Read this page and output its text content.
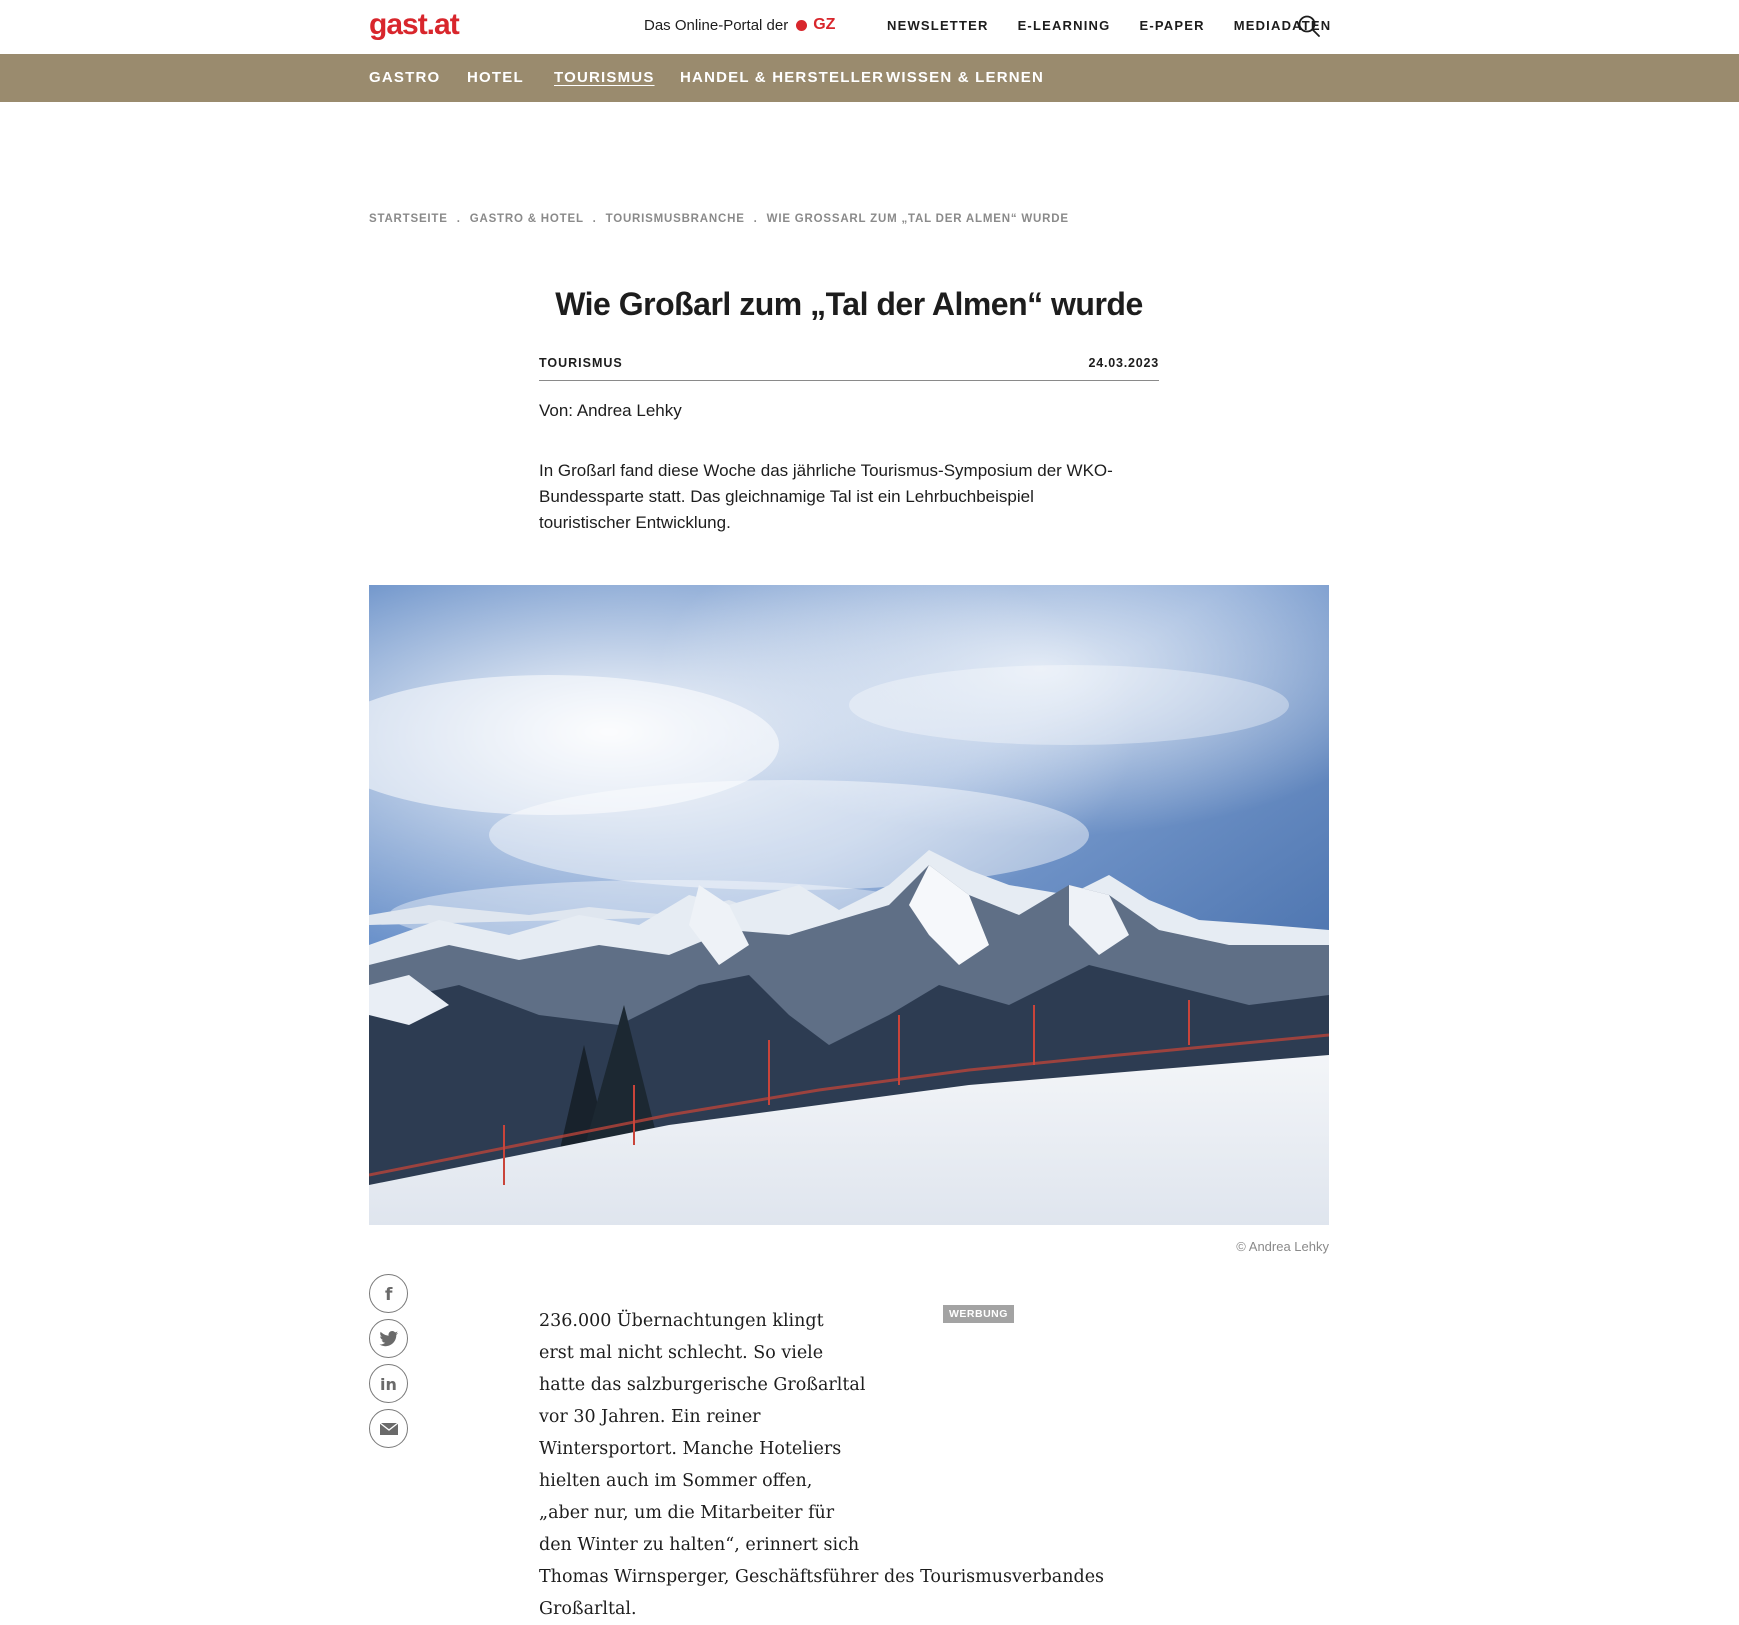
gast.at	Das Online-Portal der GZ	NEWSLETTER E-LEARNING E-PAPER MEDIADATEN
GASTRO HOTEL TOURISMUS HANDEL & HERSTELLER WISSEN & LERNEN
STARTSEITE . GASTRO & HOTEL . TOURISMUSBRANCHE . WIE GROSSARL ZUM „TAL DER ALMEN“ WURDE
Wie Großarl zum „Tal der Almen“ wurde
TOURISMUS	24.03.2023
Von: Andrea Lehky

In Großarl fand diese Woche das jährliche Tourismus-Symposium der WKO-Bundessparte statt. Das gleichnamige Tal ist ein Lehrbuchbeispiel touristischer Entwicklung.

© Andrea Lehky
f
in
WERBUNG
236.000 Übernachtungen klingt
erst mal nicht schlecht. So viele
hatte das salzburgerische Großarltal
vor 30 Jahren. Ein reiner
Wintersportort. Manche Hoteliers
hielten auch im Sommer offen,
„aber nur, um die Mitarbeiter für
den Winter zu halten“, erinnert sich
Thomas Wirnsperger, Geschäftsführer des Tourismusverbandes
Großarltal.
